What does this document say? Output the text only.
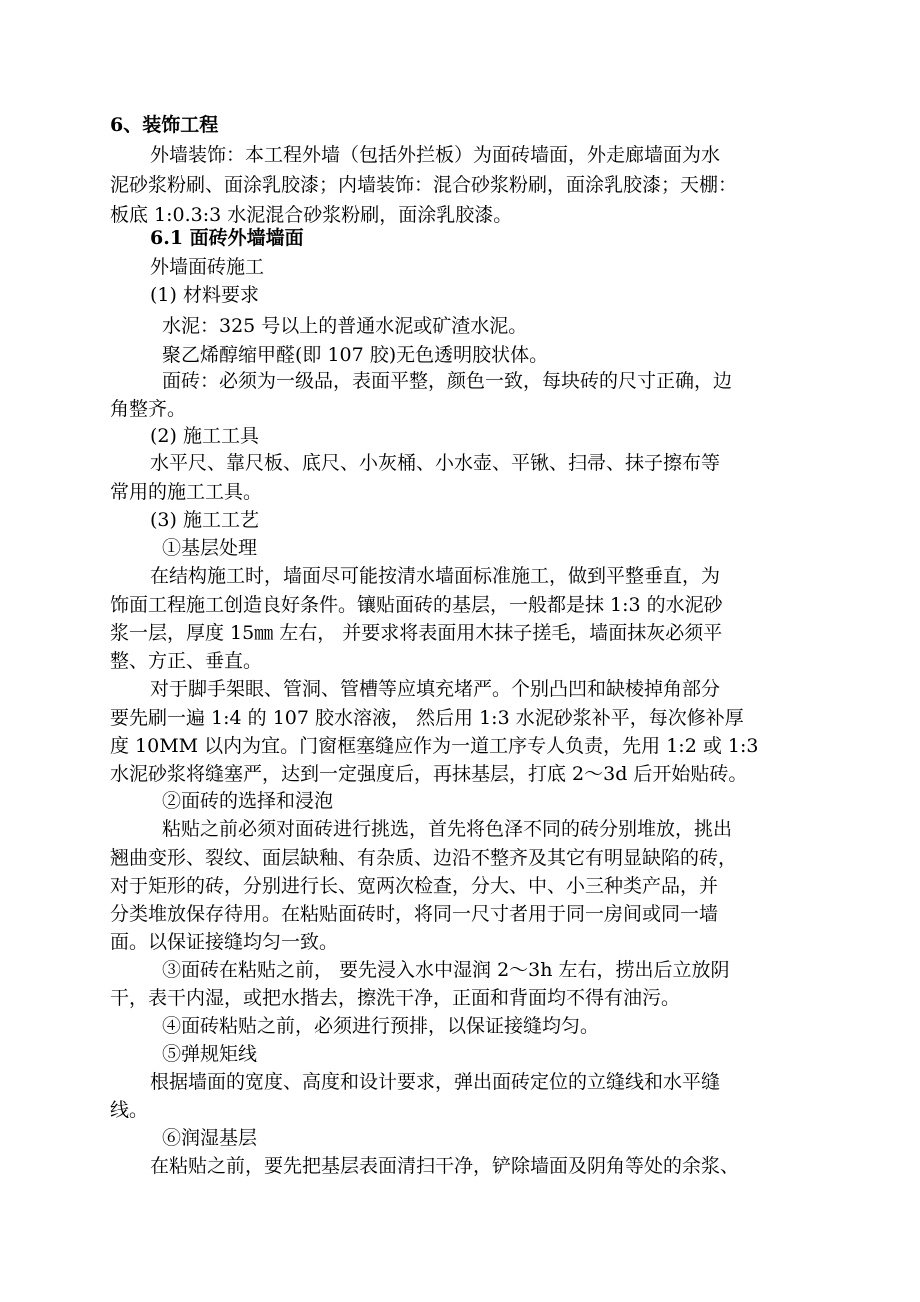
6、装饰工程
外墙装饰：本工程外墙（包括外拦板）为面砖墙面，外走廊墙面为水
泥砂浆粉刷、面涂乳胶漆；内墙装饰：混合砂浆粉刷，面涂乳胶漆；天棚：
板底 1:0.3:3 水泥混合砂浆粉刷，面涂乳胶漆。
6.1 面砖外墙墙面
外墙面砖施工
(1) 材料要求
水泥：325 号以上的普通水泥或矿渣水泥。
聚乙烯醇缩甲醛(即 107 胶)无色透明胶状体。
面砖：必须为一级品，表面平整，颜色一致，每块砖的尺寸正确，边
角整齐。
(2) 施工工具
水平尺、靠尺板、底尺、小灰桶、小水壶、平锹、扫帚、抹子擦布等
常用的施工工具。
(3) 施工工艺
①基层处理
在结构施工时，墙面尽可能按清水墙面标准施工，做到平整垂直，为
饰面工程施工创造良好条件。镶贴面砖的基层，一般都是抹 1:3 的水泥砂
浆一层，厚度 15㎜ 左右， 并要求将表面用木抹子搓毛，墙面抹灰必须平
整、方正、垂直。
对于脚手架眼、管洞、管槽等应填充堵严。个别凸凹和缺棱掉角部分
要先刷一遍 1:4 的 107 胶水溶液， 然后用 1:3 水泥砂浆补平，每次修补厚
度 10MM 以内为宜。门窗框塞缝应作为一道工序专人负责，先用 1:2 或 1:3
水泥砂浆将缝塞严，达到一定强度后，再抹基层，打底 2～3d 后开始贴砖。
②面砖的选择和浸泡
粘贴之前必须对面砖进行挑选，首先将色泽不同的砖分别堆放，挑出
翘曲变形、裂纹、面层缺釉、有杂质、边沿不整齐及其它有明显缺陷的砖，
对于矩形的砖，分别进行长、宽两次检查，分大、中、小三种类产品，并
分类堆放保存待用。在粘贴面砖时，将同一尺寸者用于同一房间或同一墙
面。以保证接缝均匀一致。
③面砖在粘贴之前， 要先浸入水中湿润 2～3h 左右，捞出后立放阴
干，表干内湿，或把水揩去，擦洗干净，正面和背面均不得有油污。
④面砖粘贴之前，必须进行预排，以保证接缝均匀。
⑤弹规矩线
根据墙面的宽度、高度和设计要求，弹出面砖定位的立缝线和水平缝
线。
⑥润湿基层
在粘贴之前，要先把基层表面清扫干净，铲除墙面及阴角等处的余浆、
